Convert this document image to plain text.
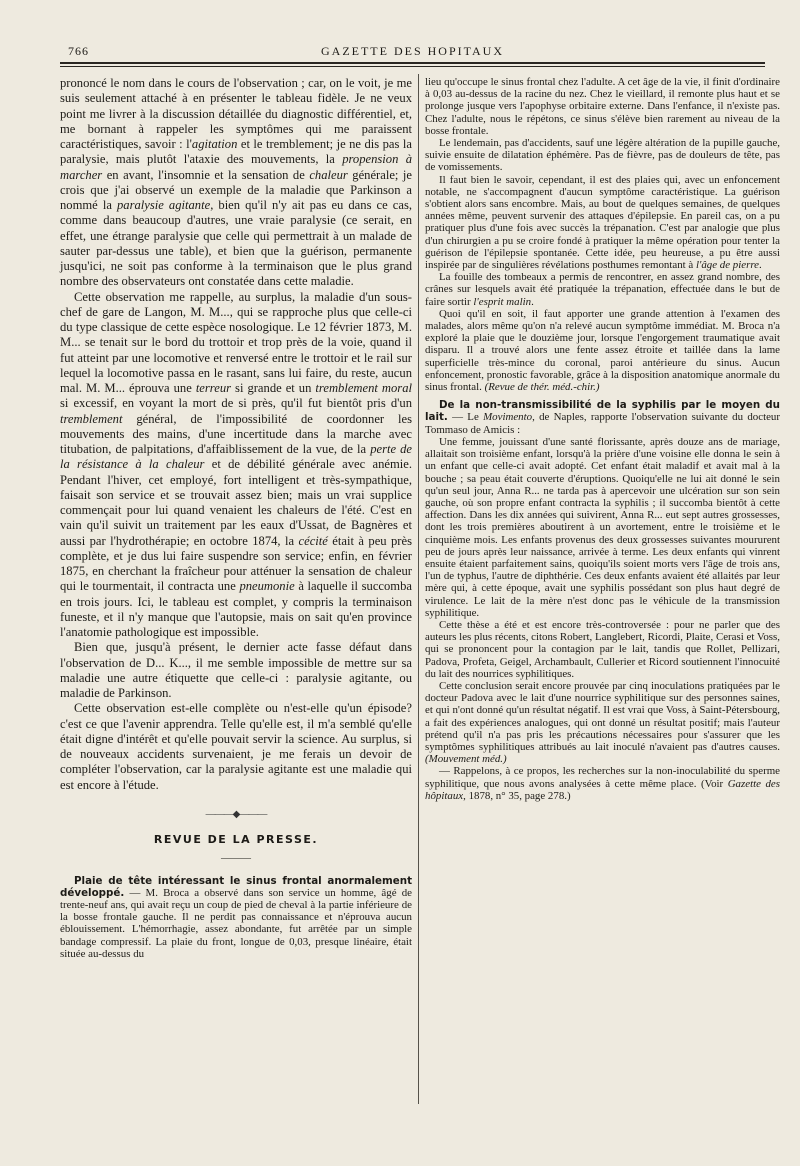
766	GAZETTE DES HOPITAUX

prononcé le nom dans le cours de l'observation ; car, on le voit, je me suis seulement attaché à en présenter le tableau fidèle. Je ne veux point me livrer à la discussion détaillée du diagnostic différentiel, et, me bornant à rappeler les symptômes qui me paraissent caractéristiques, savoir : l'agitation et le tremblement; je ne dis pas la paralysie, mais plutôt l'ataxie des mouvements, la propension à marcher en avant, l'insomnie et la sensation de chaleur générale; je crois que j'ai observé un exemple de la maladie que Parkinson a nommé la paralysie agitante, bien qu'il n'y ait pas eu dans ce cas, comme dans beaucoup d'autres, une vraie paralysie (ce serait, en effet, une étrange paralysie que celle qui permettrait à un malade de sauter par-dessus une table), et bien que la guérison, permanente jusqu'ici, ne soit pas conforme à la terminaison que le plus grand nombre des observateurs ont constatée dans cette maladie.

Cette observation me rappelle, au surplus, la maladie d'un sous-chef de gare de Langon, M. M..., qui se rapproche plus que celle-ci du type classique de cette espèce nosologique. Le 12 février 1873, M. M... se tenait sur le bord du trottoir et trop près de la voie, quand il fut atteint par une locomotive et renversé entre le trottoir et le rail sur lequel la locomotive passa en le rasant, sans lui faire, du reste, aucun mal. M. M... éprouva une terreur si grande et un tremblement moral si excessif, en voyant la mort de si près, qu'il fut bientôt pris d'un tremblement général, de l'impossibilité de coordonner les mouvements des mains, d'une incertitude dans la marche avec titubation, de palpitations, d'affaiblissement de la vue, de la perte de la résistance à la chaleur et de débilité générale avec anémie. Pendant l'hiver, cet employé, fort intelligent et très-sympathique, faisait son service et se trouvait assez bien; mais un vrai supplice commençait pour lui quand venaient les chaleurs de l'été. C'est en vain qu'il suivit un traitement par les eaux d'Ussat, de Bagnères et aussi par l'hydrothérapie; en octobre 1874, la cécité était à peu près complète, et je dus lui faire suspendre son service; enfin, en février 1875, en cherchant la fraîcheur pour atténuer la sensation de chaleur qui le tourmentait, il contracta une pneumonie à laquelle il succomba en trois jours. Ici, le tableau est complet, y compris la terminaison funeste, et il n'y manque que l'autopsie, mais on sait qu'en province l'anatomie pathologique est impossible.

Bien que, jusqu'à présent, le dernier acte fasse défaut dans l'observation de D... K..., il me semble impossible de mettre sur sa maladie une autre étiquette que celle-ci : paralysie agitante, ou maladie de Parkinson.

Cette observation est-elle complète ou n'est-elle qu'un épisode? c'est ce que l'avenir apprendra. Telle qu'elle est, il m'a semblé qu'elle était digne d'intérêt et qu'elle pouvait servir la science. Au surplus, si de nouveaux accidents survenaient, je me ferais un devoir de compléter l'observation, car la paralysie agitante est une maladie qui est encore à l'étude.

———◆———
REVUE DE LA PRESSE.
———

Plaie de tête intéressant le sinus frontal anormalement développé. — M. Broca a observé dans son service un homme, âgé de trente-neuf ans, qui avait reçu un coup de pied de cheval à la partie inférieure de la bosse frontale gauche. Il ne perdit pas connaissance et n'éprouva aucun éblouissement. L'hémorrhagie, assez abondante, fut arrêtée par un simple bandage compressif. La plaie du front, longue de 0,03, presque linéaire, était située au-dessus du

lieu qu'occupe le sinus frontal chez l'adulte. A cet âge de la vie, il finit d'ordinaire à 0,03 au-dessus de la racine du nez. Chez le vieillard, il remonte plus haut et se prolonge jusque vers l'apophyse orbitaire externe. Dans l'enfance, il n'existe pas. Chez l'adulte, nous le répétons, ce sinus s'élève bien rarement au niveau de la bosse frontale.

Le lendemain, pas d'accidents, sauf une légère altération de la pupille gauche, suivie ensuite de dilatation éphémère. Pas de fièvre, pas de douleurs de tête, pas de vomissements.

Il faut bien le savoir, cependant, il est des plaies qui, avec un enfoncement notable, ne s'accompagnent d'aucun symptôme caractéristique. La guérison s'obtient alors sans encombre. Mais, au bout de quelques semaines, de quelques années même, peuvent survenir des attaques d'épilepsie. En pareil cas, on a pu pratiquer plus d'une fois avec succès la trépanation. C'est par analogie que plus d'un chirurgien a pu se croire fondé à pratiquer la même opération pour tenter la guérison de l'épilepsie spontanée. Cette idée, peu heureuse, a pu être aussi inspirée par de singulières révélations posthumes remontant à l'âge de pierre.

La fouille des tombeaux a permis de rencontrer, en assez grand nombre, des crânes sur lesquels avait été pratiquée la trépanation, effectuée dans le but de faire sortir l'esprit malin.

Quoi qu'il en soit, il faut apporter une grande attention à l'examen des malades, alors même qu'on n'a relevé aucun symptôme immédiat. M. Broca n'a exploré la plaie que le douzième jour, lorsque l'engorgement traumatique avait disparu. Il a trouvé alors une fente assez étroite et taillée dans la lame superficielle très-mince du coronal, paroi antérieure du sinus. Aucun enfoncement, pronostic favorable, grâce à la disposition anatomique anormale du sinus frontal. (Revue de thér. méd.-chir.)

De la non-transmissibilité de la syphilis par le moyen du lait. — Le Movimento, de Naples, rapporte l'observation suivante du docteur Tommaso de Amicis :

Une femme, jouissant d'une santé florissante, après douze ans de mariage, allaitait son troisième enfant, lorsqu'à la prière d'une voisine elle donna le sein à un enfant que celle-ci avait adopté. Cet enfant était maladif et avait mal à la bouche ; sa peau était couverte d'éruptions. Quoiqu'elle ne lui ait donné le sein qu'un seul jour, Anna R... ne tarda pas à apercevoir une ulcération sur son sein gauche, où son propre enfant contracta la syphilis ; il succomba bientôt à cette affection. Dans les dix années qui suivirent, Anna R... eut sept autres grossesses, dont les trois premières aboutirent à un avortement, entre le troisième et le cinquième mois. Les enfants provenus des deux grossesses suivantes moururent peu de jours après leur naissance, arrivée à terme. Les deux enfants qui vinrent ensuite étaient parfaitement sains, quoiqu'ils soient morts vers l'âge de trois ans, l'un de typhus, l'autre de diphthérie. Ces deux enfants avaient été allaités par leur mère qui, à cette époque, avait une syphilis possédant son plus haut degré de virulence. Le lait de la mère n'est donc pas le véhicule de la transmission syphilitique.

Cette thèse a été et est encore très-controversée : pour ne parler que des auteurs les plus récents, citons Robert, Langlebert, Ricordi, Plaite, Cerasi et Voss, qui se prononcent pour la contagion par le lait, tandis que Rollet, Pellizari, Padova, Profeta, Geigel, Archambault, Cullerier et Ricord soutiennent l'innocuité du lait des nourrices syphilitiques.

Cette conclusion serait encore prouvée par cinq inoculations pratiquées par le docteur Padova avec le lait d'une nourrice syphilitique sur des personnes saines, et qui n'ont donné qu'un résultat négatif. Il est vrai que Voss, à Saint-Pétersbourg, a fait des expériences analogues, qui ont donné un résultat positif; mais l'auteur prétend qu'il n'a pas pris les précautions nécessaires pour s'assurer que les symptômes syphilitiques attribués au lait inoculé n'avaient pas d'autres causes. (Mouvement méd.)

— Rappelons, à ce propos, les recherches sur la non-inoculabilité du sperme syphilitique, que nous avons analysées à cette même place. (Voir Gazette des hôpitaux, 1878, n° 35, page 278.)
